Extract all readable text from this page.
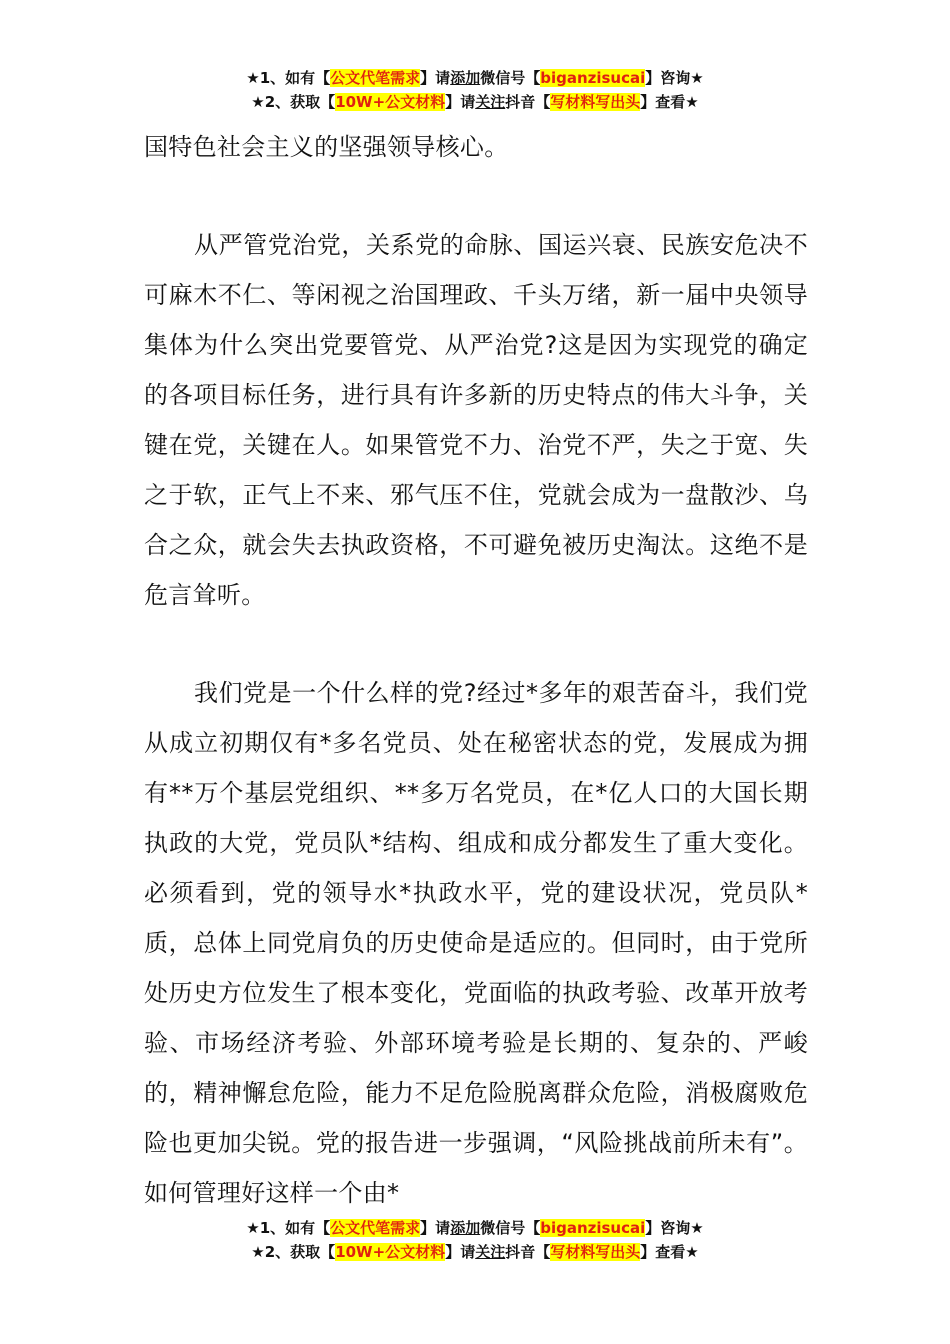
★1、如有【公文代笔需求】请添加微信号【biganzisucai】咨询★
★2、获取【10W+公文材料】请关注抖音【写材料写出头】查看★

国特色社会主义的坚强领导核心。

从严管党治党，关系党的命脉、国运兴衰、民族安危决不可麻木不仁、等闲视之治国理政、千头万绪，新一届中央领导集体为什么突出党要管党、从严治党?这是因为实现党的确定的各项目标任务，进行具有许多新的历史特点的伟大斗争，关键在党，关键在人。如果管党不力、治党不严，失之于宽、失之于软，正气上不来、邪气压不住，党就会成为一盘散沙、乌合之众，就会失去执政资格，不可避免被历史淘汰。这绝不是危言耸听。

我们党是一个什么样的党?经过*多年的艰苦奋斗，我们党从成立初期仅有*多名党员、处在秘密状态的党，发展成为拥有**万个基层党组织、**多万名党员，在*亿人口的大国长期执政的大党，党员队*结构、组成和成分都发生了重大变化。必须看到，党的领导水*执政水平，党的建设状况，党员队*质，总体上同党肩负的历史使命是适应的。但同时，由于党所处历史方位发生了根本变化，党面临的执政考验、改革开放考验、市场经济考验、外部环境考验是长期的、复杂的、严峻的，精神懈怠危险，能力不足危险脱离群众危险，消极腐败危险也更加尖锐。党的报告进一步强调，“风险挑战前所未有”。 如何管理好这样一个由*

★1、如有【公文代笔需求】请添加微信号【biganzisucai】咨询★
★2、获取【10W+公文材料】请关注抖音【写材料写出头】查看★
